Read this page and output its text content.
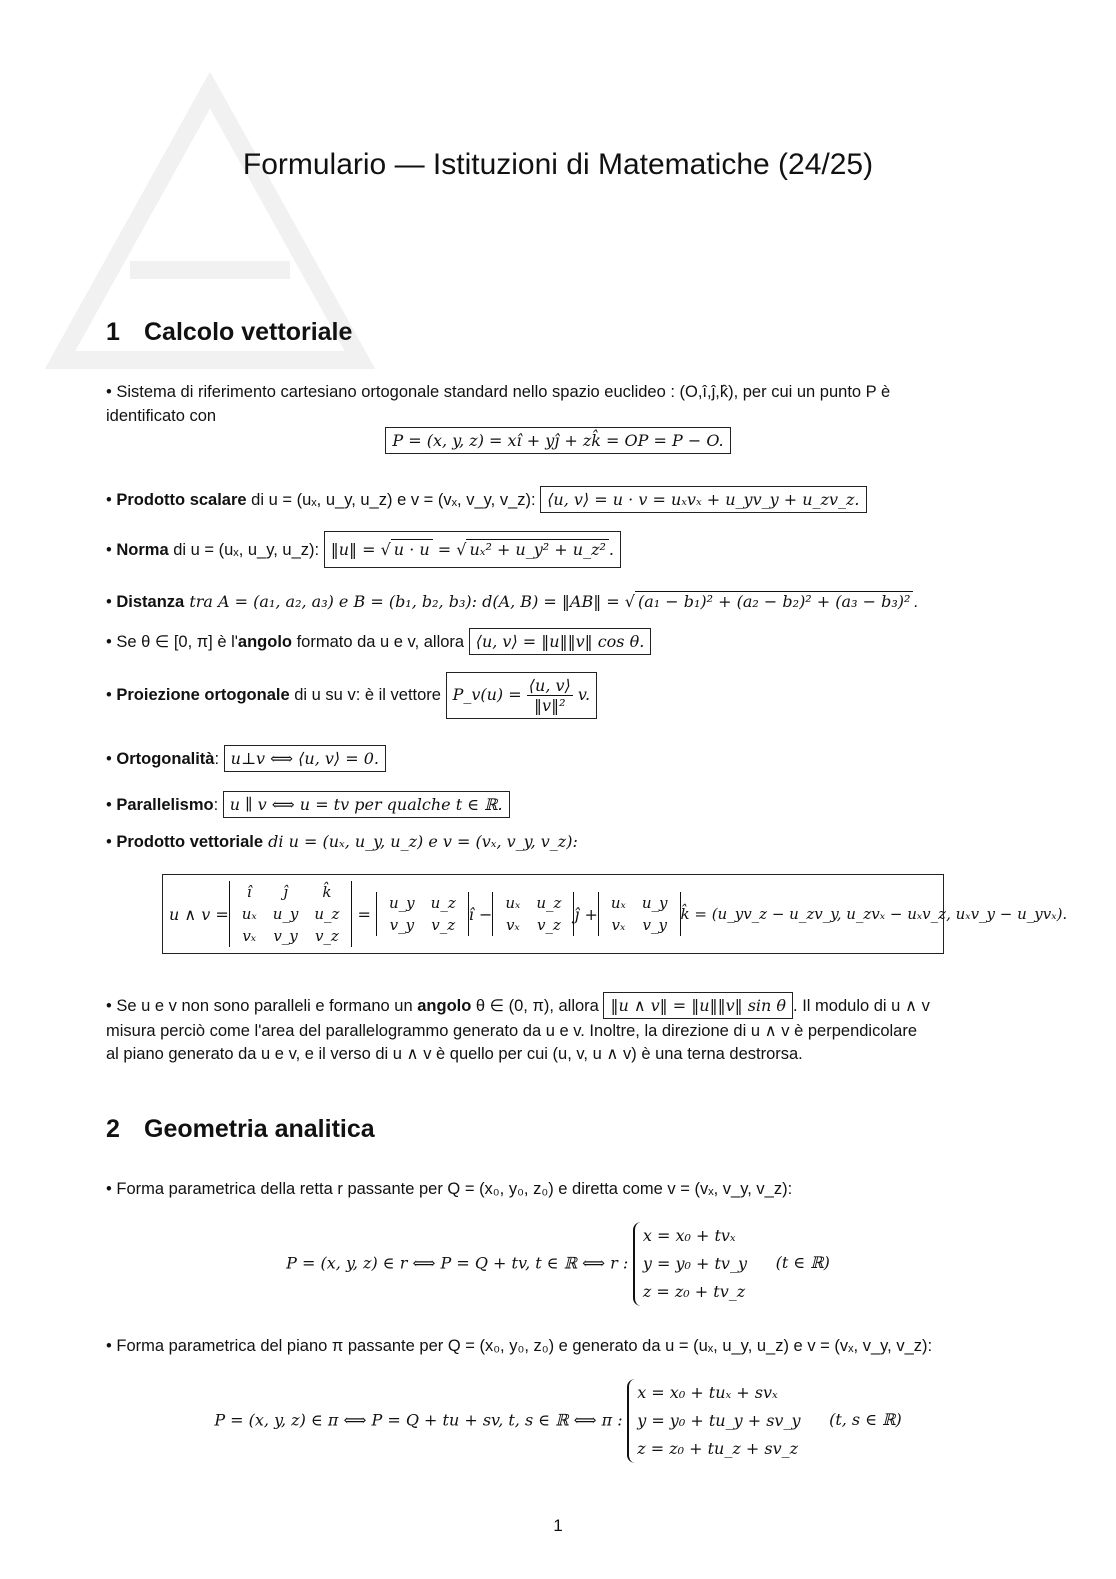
Formulario — Istituzioni di Matematiche (24/25)
1 Calcolo vettoriale
• Sistema di riferimento cartesiano ortogonale standard nello spazio euclideo : (O,î,ĵ,k̂), per cui un punto P è
identificato con
P = (x, y, z) = xî + yĵ + zk̂ = OP = P − O.
• Prodotto scalare di u = (uₓ, u_y, u_z) e v = (vₓ, v_y, v_z): ⟨u, v⟩ = u · v = uₓvₓ + u_yv_y + u_zv_z.
• Norma di u = (uₓ, u_y, u_z): ‖u‖ = √ u · u = √ uₓ² + u_y² + u_z² .
• Distanza tra A = (a₁, a₂, a₃) e B = (b₁, b₂, b₃): d(A, B) = ‖AB‖ = √ (a₁ − b₁)² + (a₂ − b₂)² + (a₃ − b₃)² .
• Se θ ∈ [0, π] è l'angolo formato da u e v, allora ⟨u, v⟩ = ‖u‖‖v‖ cos θ.
• Proiezione ortogonale di u su v: è il vettore P_v(u) = $\frac{⟨u, v⟩}{\text{‖v‖²}} v$.
• Ortogonalità: u⊥v ⟺ ⟨u, v⟩ = 0.
• Parallelismo: u ∥ v ⟺ u = tv per qualche t ∈ ℝ.
• Prodotto vettoriale di u = (uₓ, u_y, u_z) e v = (vₓ, v_y, v_z):
u ∧ v =
î	ĵ	k̂
uₓ	u_y	u_z
vₓ	v_y	v_z
=
u_y	u_z
v_y	v_z
î −
uₓ	u_z
vₓ	v_z
ĵ +
uₓ	u_y
vₓ	v_y
k̂ = (u_yv_z − u_zv_y, u_zvₓ − uₓv_z, uₓv_y − u_yvₓ).
• Se u e v non sono paralleli e formano un angolo θ ∈ (0, π), allora ‖u ∧ v‖ = ‖u‖‖v‖ sin θ . Il modulo di u ∧ v
misura perciò come l'area del parallelogrammo generato da u e v. Inoltre, la direzione di u ∧ v è perpendicolare
al piano generato da u e v, e il verso di u ∧ v è quello per cui (u, v, u ∧ v) è una terna destrorsa.
2 Geometria analitica
• Forma parametrica della retta r passante per Q = (x₀, y₀, z₀) e diretta come v = (vₓ, v_y, v_z):
P = (x, y, z) ∈ r ⟺ P = Q + tv, t ∈ ℝ ⟺ r :
x = x₀ + tvₓ
y = y₀ + tv_y
z = z₀ + tv_z
(t ∈ ℝ)
• Forma parametrica del piano π passante per Q = (x₀, y₀, z₀) e generato da u = (uₓ, u_y, u_z) e v = (vₓ, v_y, v_z):
P = (x, y, z) ∈ π ⟺ P = Q + tu + sv, t, s ∈ ℝ ⟺ π :
x = x₀ + tuₓ + svₓ
y = y₀ + tu_y + sv_y
z = z₀ + tu_z + sv_z
(t, s ∈ ℝ)
1
